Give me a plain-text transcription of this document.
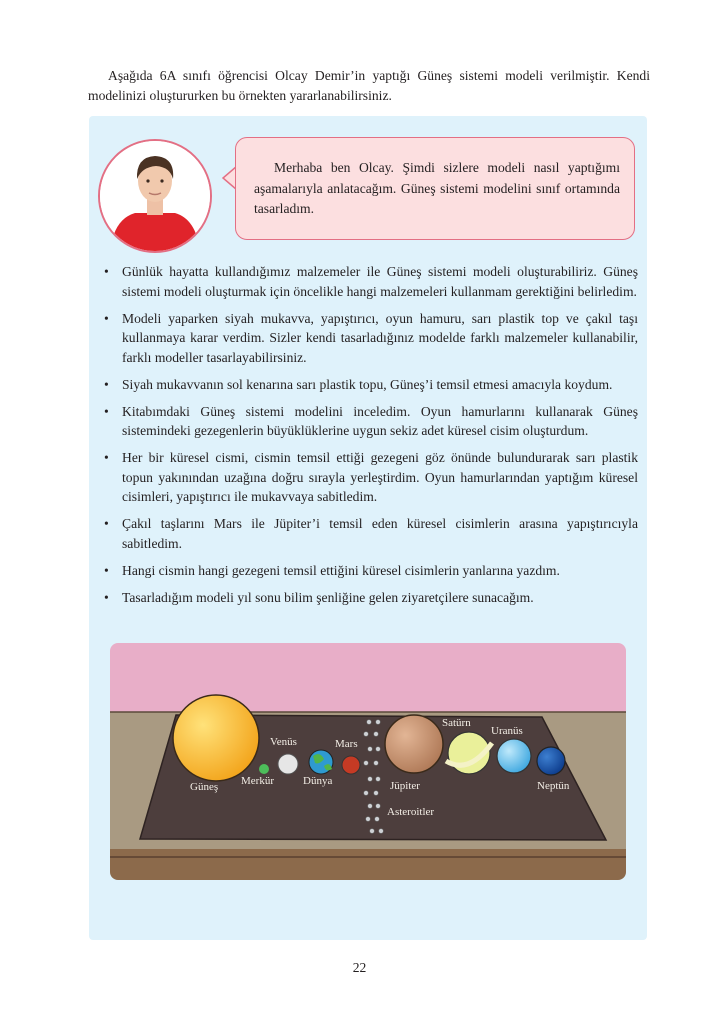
Aşağıda 6A sınıfı öğrencisi Olcay Demir’in yaptığı Güneş sistemi modeli verilmiştir. Kendi modelinizi oluştururken bu örnekten yararlanabilirsiniz.
Merhaba ben Olcay. Şimdi sizlere modeli nasıl yaptığımı aşamalarıyla anlatacağım. Güneş sistemi modelini sınıf ortamında tasarladım.
• Günlük hayatta kullandığımız malzemeler ile Güneş sistemi modeli oluşturabiliriz. Güneş sistemi modeli oluşturmak için öncelikle hangi malzemeleri kullanmam gerektiğini belirledim.
• Modeli yaparken siyah mukavva, yapıştırıcı, oyun hamuru, sarı plastik top ve çakıl taşı kullanmaya karar verdim. Sizler kendi tasarladığınız modelde farklı malzemeler kullanabilir, farklı modeller tasarlayabilirsiniz.
• Siyah mukavvanın sol kenarına sarı plastik topu, Güneş’i temsil etmesi amacıyla koydum.
• Kitabımdaki Güneş sistemi modelini inceledim. Oyun hamurlarını kullanarak Güneş sistemindeki gezegenlerin büyüklüklerine uygun sekiz adet küresel cisim oluşturdum.
• Her bir küresel cismi, cismin temsil ettiği gezegeni göz önünde bulundurarak sarı plastik topun yakınından uzağına doğru sırayla yerleştirdim. Oyun hamurlarından yaptığım küresel cisimleri, yapıştırıcı ile mukavvaya sabitledim.
• Çakıl taşlarını Mars ile Jüpiter’i temsil eden küresel cisimlerin arasına yapıştırıcıyla sabitledim.
• Hangi cismin hangi gezegeni temsil ettiğini küresel cisimlerin yanlarına yazdım.
• Tasarladığım modeli yıl sonu bilim şenliğine gelen ziyaretçilere sunacağım.
Güneş Merkür
Venüs
Dünya
Mars
Jüpiter
Satürn
Uranüs
Neptün
Asteroitler
22
